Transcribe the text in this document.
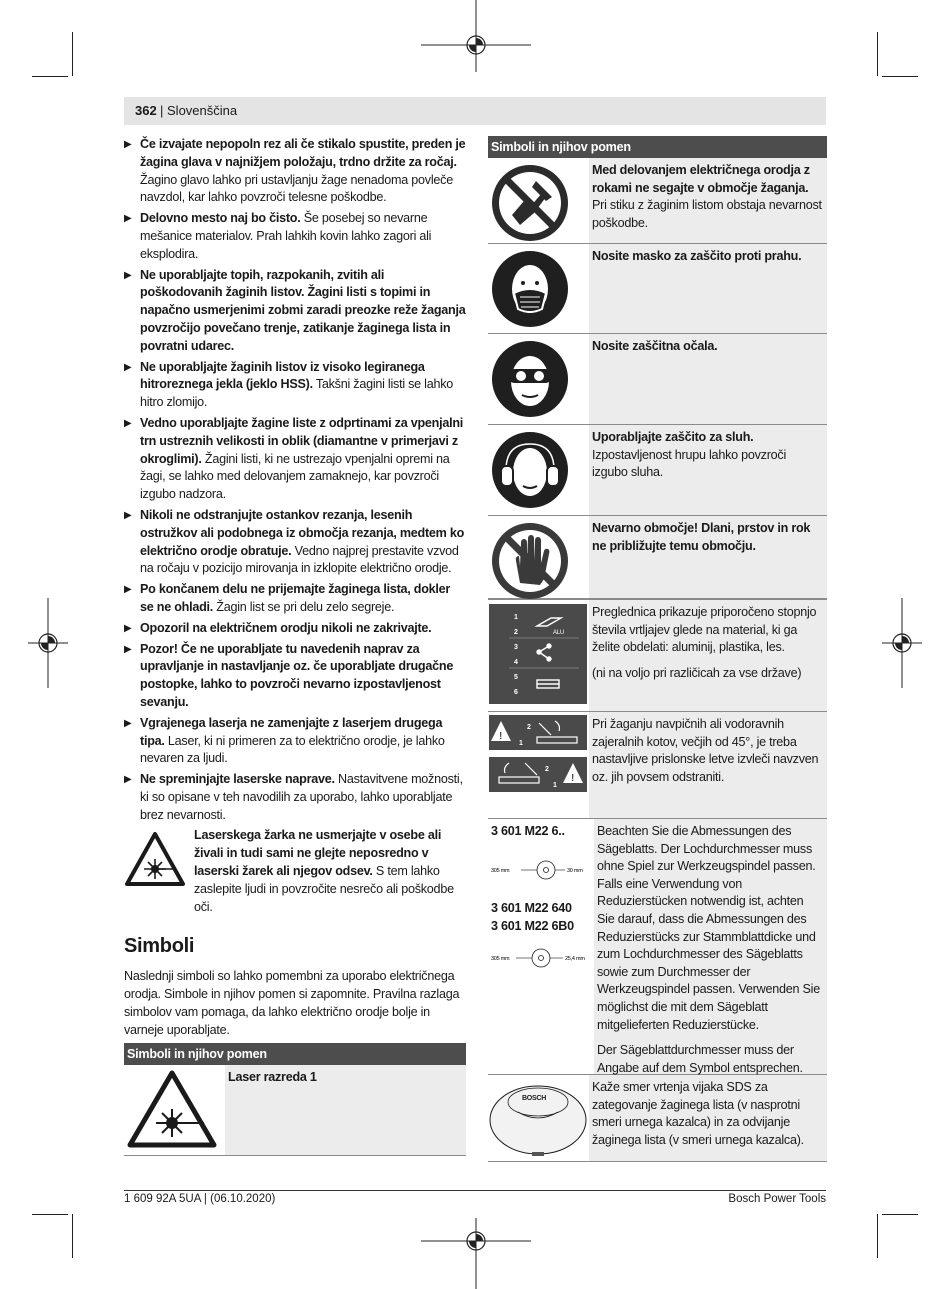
362 | Slovenščina
▶ Če izvajate nepopoln rez ali če stikalo spustite, preden je žagina glava v najnižjem položaju, trdno držite za ročaj. Žagino glavo lahko pri ustavljanju žage nenadoma povleče navzdol, kar lahko povzroči telesne poškodbe.
▶ Delovno mesto naj bo čisto. Še posebej so nevarne mešanice materialov. Prah lahkih kovin lahko zagori ali eksplodira.
▶ Ne uporabljajte topih, razpokanih, zvitih ali poškodovanih žaginih listov. Žagini listi s topimi in napačno usmerjenimi zobmi zaradi preozke reže žaganja povzročijo povečano trenje, zatikanje žaginega lista in povratni udarec.
▶ Ne uporabljajte žaginih listov iz visoko legiranega hitroreznega jekla (jeklo HSS). Takšni žagini listi se lahko hitro zlomijo.
▶ Vedno uporabljajte žagine liste z odprtinami za vpenjalni trn ustreznih velikosti in oblik (diamantne v primerjavi z okroglimi). Žagini listi, ki ne ustrezajo vpenjalni opremi na žagi, se lahko med delovanjem zamaknejo, kar povzroči izgubo nadzora.
▶ Nikoli ne odstranjujte ostankov rezanja, lesenih ostružkov ali podobnega iz območja rezanja, medtem ko električno orodje obratuje. Vedno najprej prestavite vzvod na ročaju v pozicijo mirovanja in izklopite električno orodje.
▶ Po končanem delu ne prijemajte žaginega lista, dokler se ne ohladi. Žagin list se pri delu zelo segreje.
▶ Opozoril na električnem orodju nikoli ne zakrivajte.
▶ Pozor! Če ne uporabljate tu navedenih naprav za upravljanje in nastavljanje oz. če uporabljate drugačne postopke, lahko to povzroči nevarno izpostavljenost sevanju.
▶ Vgrajenega laserja ne zamenjajte z laserjem drugega tipa. Laser, ki ni primeren za to električno orodje, je lahko nevaren za ljudi.
▶ Ne spreminjajte laserske naprave. Nastavitvene možnosti, ki so opisane v teh navodilih za uporabo, lahko uporabljate brez nevarnosti.
Laserskega žarka ne usmerjajte v osebe ali živali in tudi sami ne glejte neposredno v laserski žarek ali njegov odsev. S tem lahko zaslepite ljudi in povzročite nesrečo ali poškodbe oči.
Simboli
Naslednji simboli so lahko pomembni za uporabo električnega orodja. Simbole in njihov pomen si zapomnite. Pravilna razlaga simbolov vam pomaga, da lahko električno orodje bolje in varneje uporabljate.
Simboli in njihov pomen
Laser razreda 1
Simboli in njihov pomen
Med delovanjem električnega orodja z rokami ne segajte v območje žaganja. Pri stiku z žaginim listom obstaja nevarnost poškodbe.
Nosite masko za zaščito proti prahu.
Nosite zaščitna očala.
Uporabljajte zaščito za sluh. Izpostavljenost hrupu lahko povzroči izgubo sluha.
Nevarno območje! Dlani, prstov in rok ne približujte temu območju.
1
2
3
4
5
6
ALU
Preglednica prikazuje priporočeno stopnjo števila vrtljajev glede na material, ki ga želite obdelati: aluminij, plastika, les.
(ni na voljo pri različicah za vse države)
!
!
2
1
2
1
Pri žaganju navpičnih ali vodoravnih zajeralnih kotov, večjih od 45°, je treba nastavljive prislonske letve izvleči navzven oz. jih povsem odstraniti.
3 601 M22 6..
305 mm	30 mm
3 601 M22 640
3 601 M22 6B0
305 mm	25,4 mm
Beachten Sie die Abmessungen des Sägeblatts. Der Lochdurchmesser muss ohne Spiel zur Werkzeugspindel passen. Falls eine Verwendung von Reduzierstücken notwendig ist, achten Sie darauf, dass die Abmessungen des Reduzierstücks zur Stammblattdicke und zum Lochdurchmesser des Sägeblatts sowie zum Durchmesser der Werkzeugspindel passen. Verwenden Sie möglichst die mit dem Sägeblatt mitgelieferten Reduzierstücke.
Der Sägeblattdurchmesser muss der Angabe auf dem Symbol entsprechen.
BOSCH
Kaže smer vrtenja vijaka SDS za zategovanje žaginega lista (v nasprotni smeri urnega kazalca) in za odvijanje žaginega lista (v smeri urnega kazalca).
1 609 92A 5UA | (06.10.2020)	Bosch Power Tools
